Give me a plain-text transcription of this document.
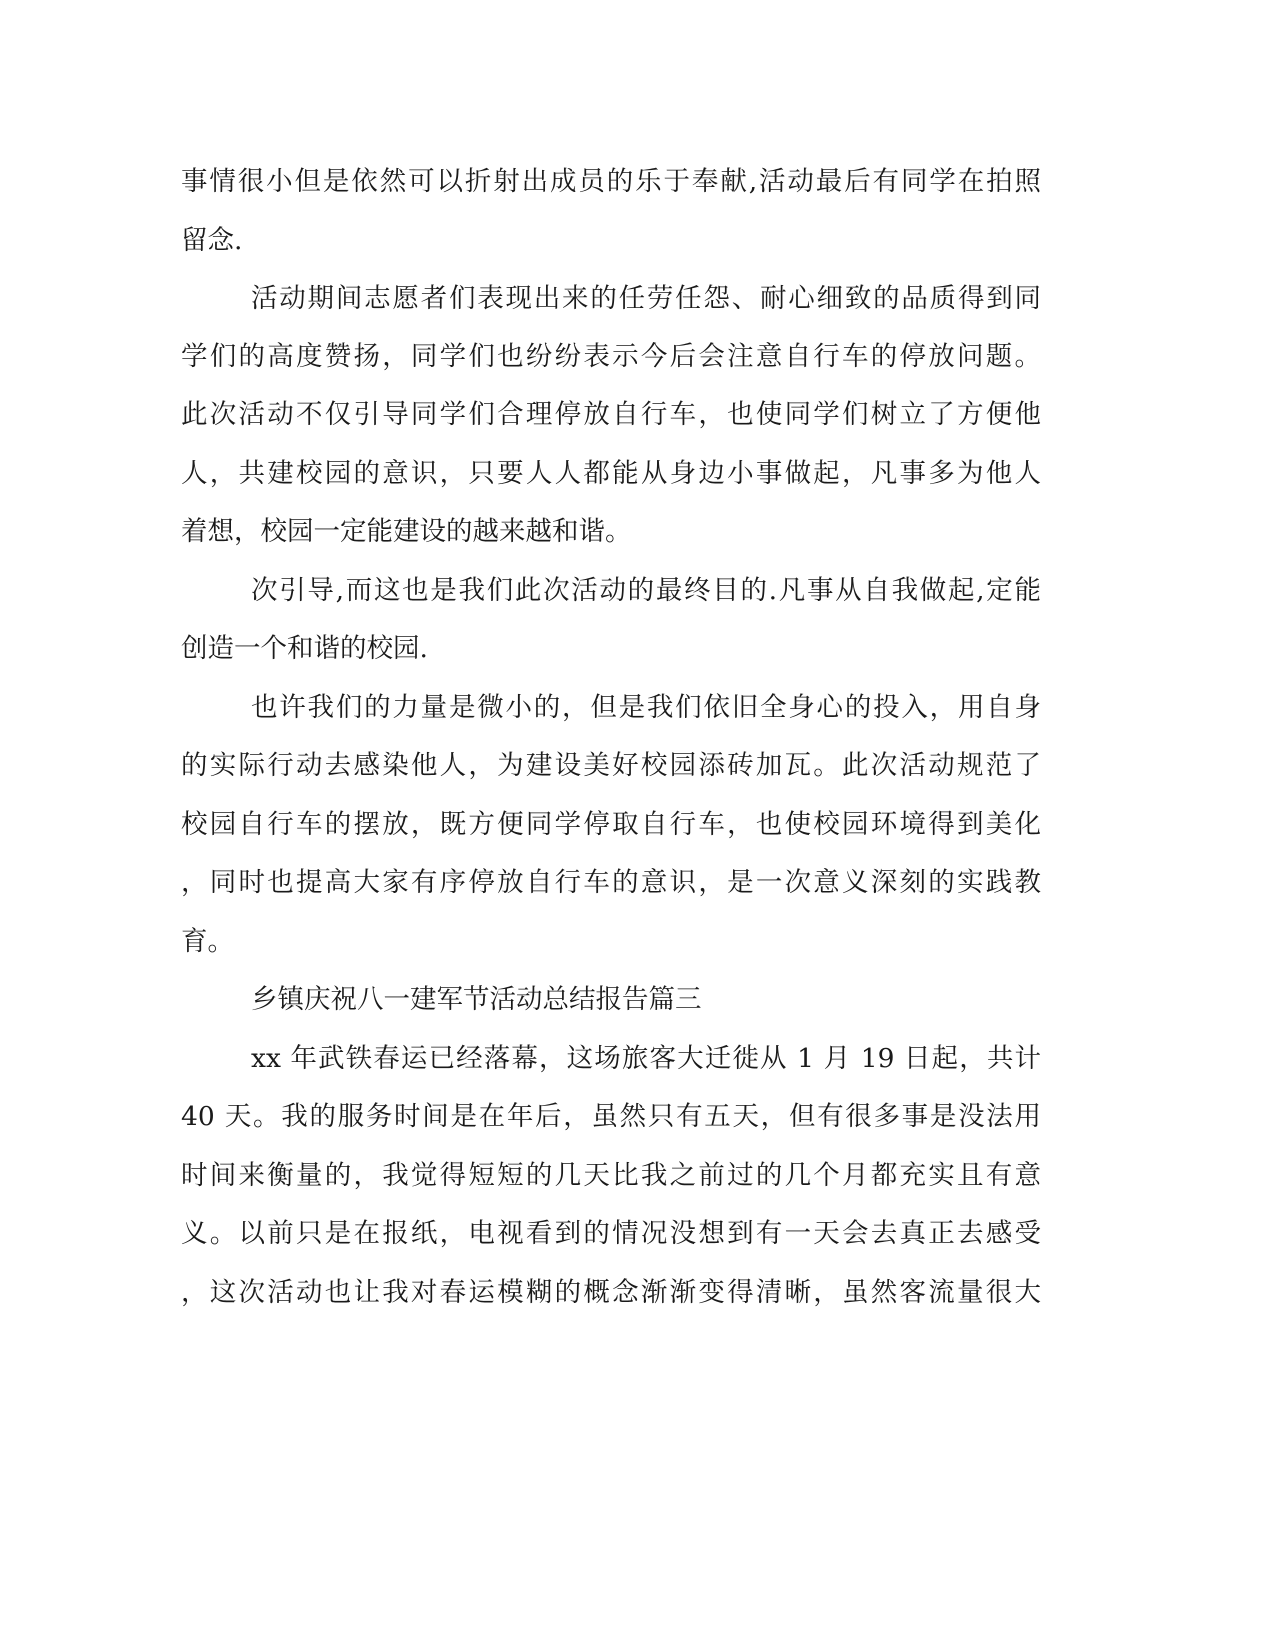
事情很小但是依然可以折射出成员的乐于奉献,活动最后有同学在拍照
留念.
活动期间志愿者们表现出来的任劳任怨、耐心细致的品质得到同
学们的高度赞扬，同学们也纷纷表示今后会注意自行车的停放问题。
此次活动不仅引导同学们合理停放自行车，也使同学们树立了方便他
人，共建校园的意识，只要人人都能从身边小事做起，凡事多为他人
着想，校园一定能建设的越来越和谐。
次引导,而这也是我们此次活动的最终目的.凡事从自我做起,定能
创造一个和谐的校园.
也许我们的力量是微小的，但是我们依旧全身心的投入，用自身
的实际行动去感染他人，为建设美好校园添砖加瓦。此次活动规范了
校园自行车的摆放，既方便同学停取自行车，也使校园环境得到美化
，同时也提高大家有序停放自行车的意识，是一次意义深刻的实践教
育。
乡镇庆祝八一建军节活动总结报告篇三
xx 年武铁春运已经落幕，这场旅客大迁徙从 1 月 19 日起，共计
40 天。我的服务时间是在年后，虽然只有五天，但有很多事是没法用
时间来衡量的，我觉得短短的几天比我之前过的几个月都充实且有意
义。以前只是在报纸，电视看到的情况没想到有一天会去真正去感受
，这次活动也让我对春运模糊的概念渐渐变得清晰，虽然客流量很大
